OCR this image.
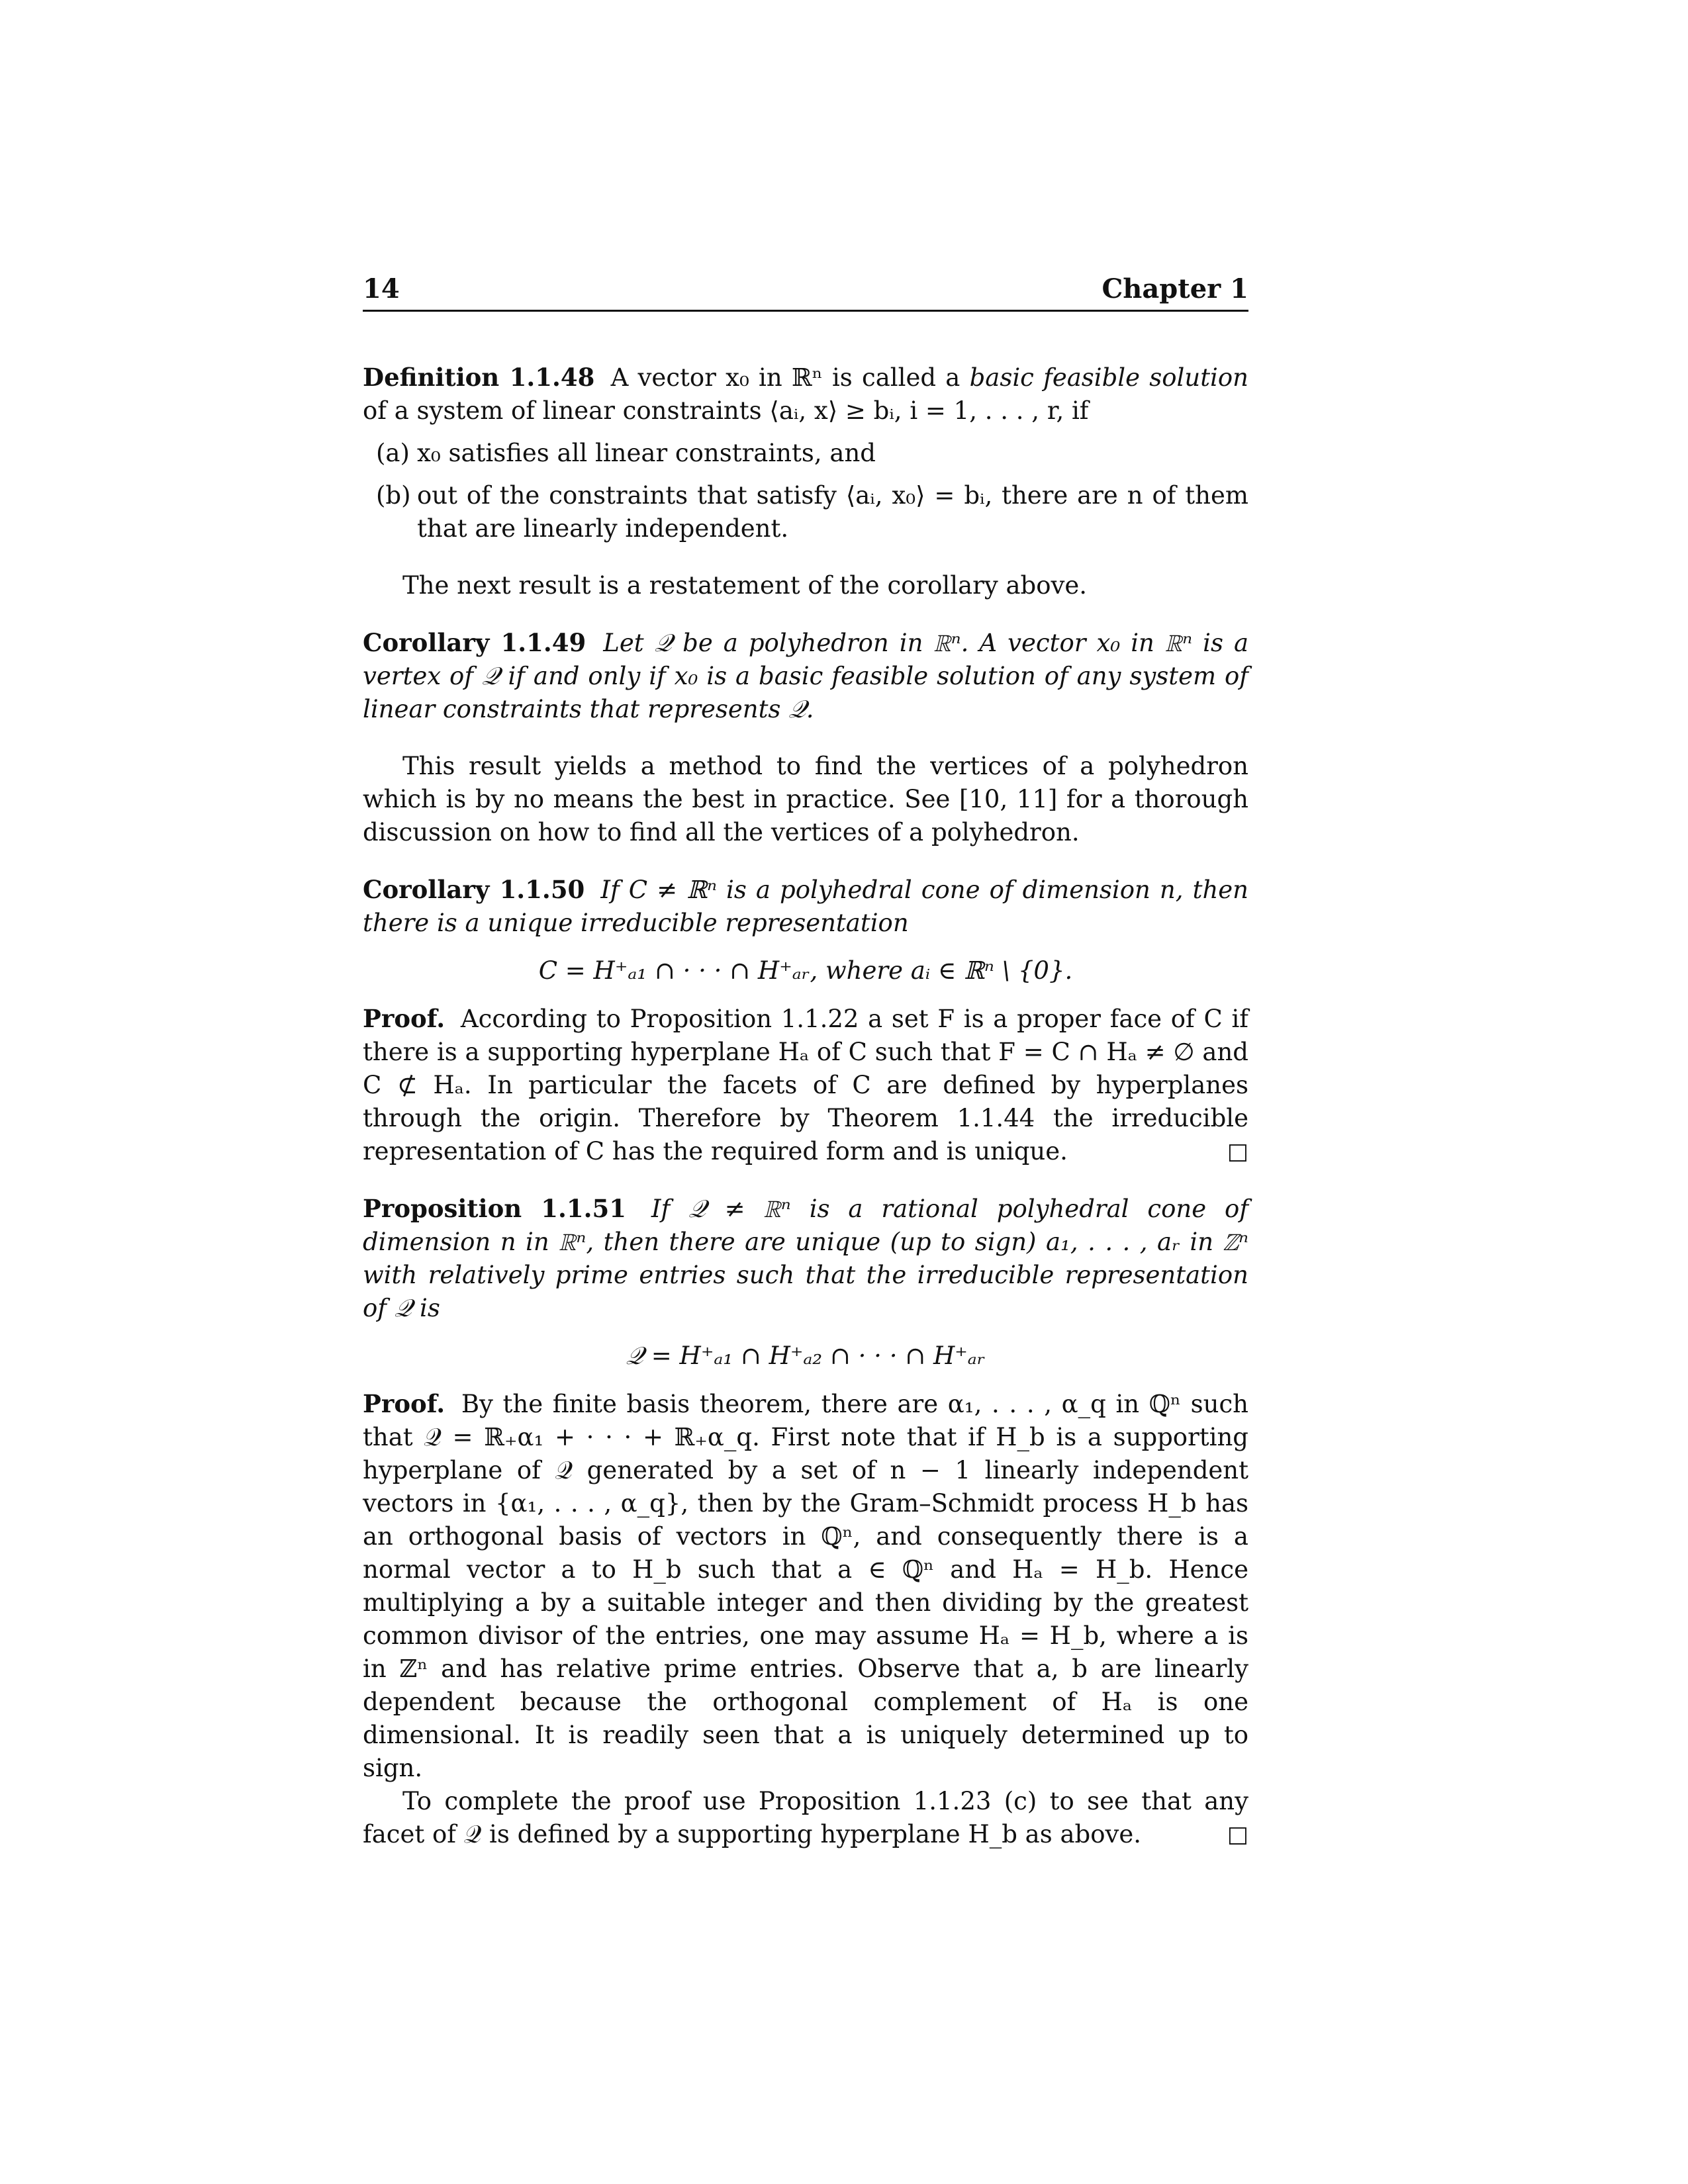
14	Chapter 1
Definition 1.1.48 A vector x₀ in ℝⁿ is called a basic feasible solution of a system of linear constraints ⟨aᵢ, x⟩ ≥ bᵢ, i = 1, . . . , r, if
(a) x₀ satisfies all linear constraints, and
(b) out of the constraints that satisfy ⟨aᵢ, x₀⟩ = bᵢ, there are n of them that are linearly independent.

The next result is a restatement of the corollary above.

Corollary 1.1.49 Let 𝒬 be a polyhedron in ℝⁿ. A vector x₀ in ℝⁿ is a vertex of 𝒬 if and only if x₀ is a basic feasible solution of any system of linear constraints that represents 𝒬.

This result yields a method to find the vertices of a polyhedron which is by no means the best in practice. See [10, 11] for a thorough discussion on how to find all the vertices of a polyhedron.

Corollary 1.1.50 If C ≠ ℝⁿ is a polyhedral cone of dimension n, then there is a unique irreducible representation
C = H⁺ₐ₁ ∩ · · · ∩ H⁺ₐᵣ, where aᵢ ∈ ℝⁿ \ {0}.
Proof. According to Proposition 1.1.22 a set F is a proper face of C if there is a supporting hyperplane Hₐ of C such that F = C ∩ Hₐ ≠ ∅ and C ⊄ Hₐ. In particular the facets of C are defined by hyperplanes through the origin. Therefore by Theorem 1.1.44 the irreducible representation of C has the required form and is unique.	□
Proposition 1.1.51 If 𝒬 ≠ ℝⁿ is a rational polyhedral cone of dimension n in ℝⁿ, then there are unique (up to sign) a₁, . . . , aᵣ in ℤⁿ with relatively prime entries such that the irreducible representation of 𝒬 is
𝒬 = H⁺ₐ₁ ∩ H⁺ₐ₂ ∩ · · · ∩ H⁺ₐᵣ
Proof. By the finite basis theorem, there are α₁, . . . , α_q in ℚⁿ such that 𝒬 = ℝ₊α₁ + · · · + ℝ₊α_q. First note that if H_b is a supporting hyperplane of 𝒬 generated by a set of n − 1 linearly independent vectors in {α₁, . . . , α_q}, then by the Gram–Schmidt process H_b has an orthogonal basis of vectors in ℚⁿ, and consequently there is a normal vector a to H_b such that a ∈ ℚⁿ and Hₐ = H_b. Hence multiplying a by a suitable integer and then dividing by the greatest common divisor of the entries, one may assume Hₐ = H_b, where a is in ℤⁿ and has relative prime entries. Observe that a, b are linearly dependent because the orthogonal complement of Hₐ is one dimensional. It is readily seen that a is uniquely determined up to sign.
To complete the proof use Proposition 1.1.23 (c) to see that any facet of 𝒬 is defined by a supporting hyperplane H_b as above.	□
